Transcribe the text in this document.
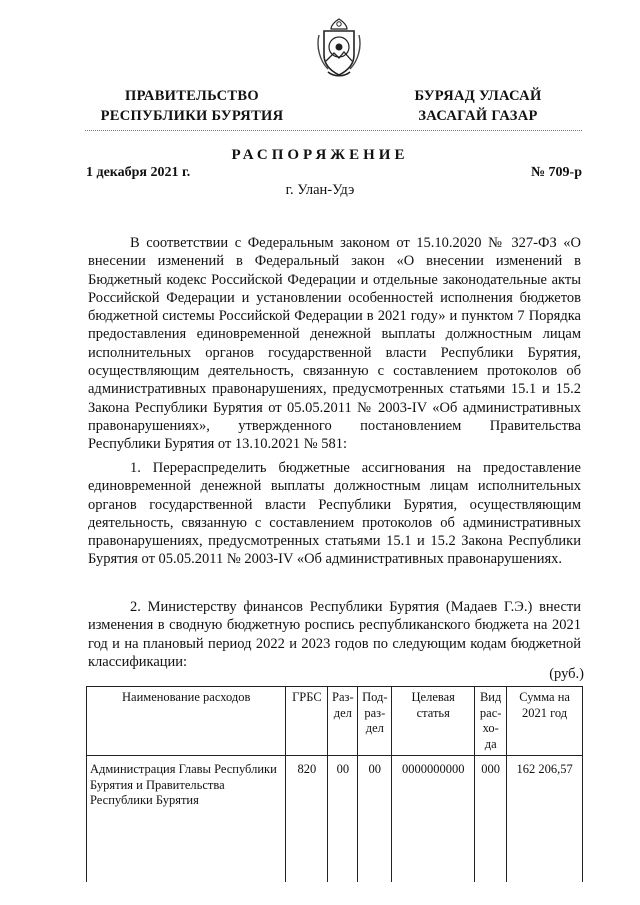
ПРАВИТЕЛЬСТВО
РЕСПУБЛИКИ БУРЯТИЯ
БУРЯАД УЛАСАЙ
ЗАСАГАЙ ГАЗАР
РАСПОРЯЖЕНИЕ
1 декабря 2021 г.	№ 709-р
г. Улан-Удэ

В соответствии с Федеральным законом от 15.10.2020 № 327-ФЗ «О внесении изменений в Федеральный закон «О внесении изменений в Бюджетный кодекс Российской Федерации и отдельные законодательные акты Российской Федерации и установлении особенностей исполнения бюджетов бюджетной системы Российской Федерации в 2021 году» и пунктом 7 Порядка предоставления единовременной денежной выплаты должностным лицам исполнительных органов государственной власти Республики Бурятия, осуществляющим деятельность, связанную с составлением протоколов об административных правонарушениях, предусмотренных статьями 15.1 и 15.2 Закона Республики Бурятия от 05.05.2011 № 2003-IV «Об административных правонарушениях», утвержденного постановлением Правительства Республики Бурятия от 13.10.2021 № 581:

1. Перераспределить бюджетные ассигнования на предоставление единовременной денежной выплаты должностным лицам исполнительных органов государственной власти Республики Бурятия, осуществляющим деятельность, связанную с составлением протоколов об административных правонарушениях, предусмотренных статьями 15.1 и 15.2 Закона Республики Бурятия от 05.05.2011 № 2003-IV «Об административных правонарушениях.

2. Министерству финансов Республики Бурятия (Мадаев Г.Э.) внести изменения в сводную бюджетную роспись республиканского бюджета на 2021 год и на плановый период 2022 и 2023 годов по следующим кодам бюджетной классификации:

(руб.)
Наименование расходов	ГРБС	Раз-дел	Под-раз-дел	Целевая статья	Вид рас-хо-да	Сумма на 2021 год

Администрация Главы Республики Бурятия и Правительства Республики Бурятия	820	00	00	0000000000	000	162 206,57
